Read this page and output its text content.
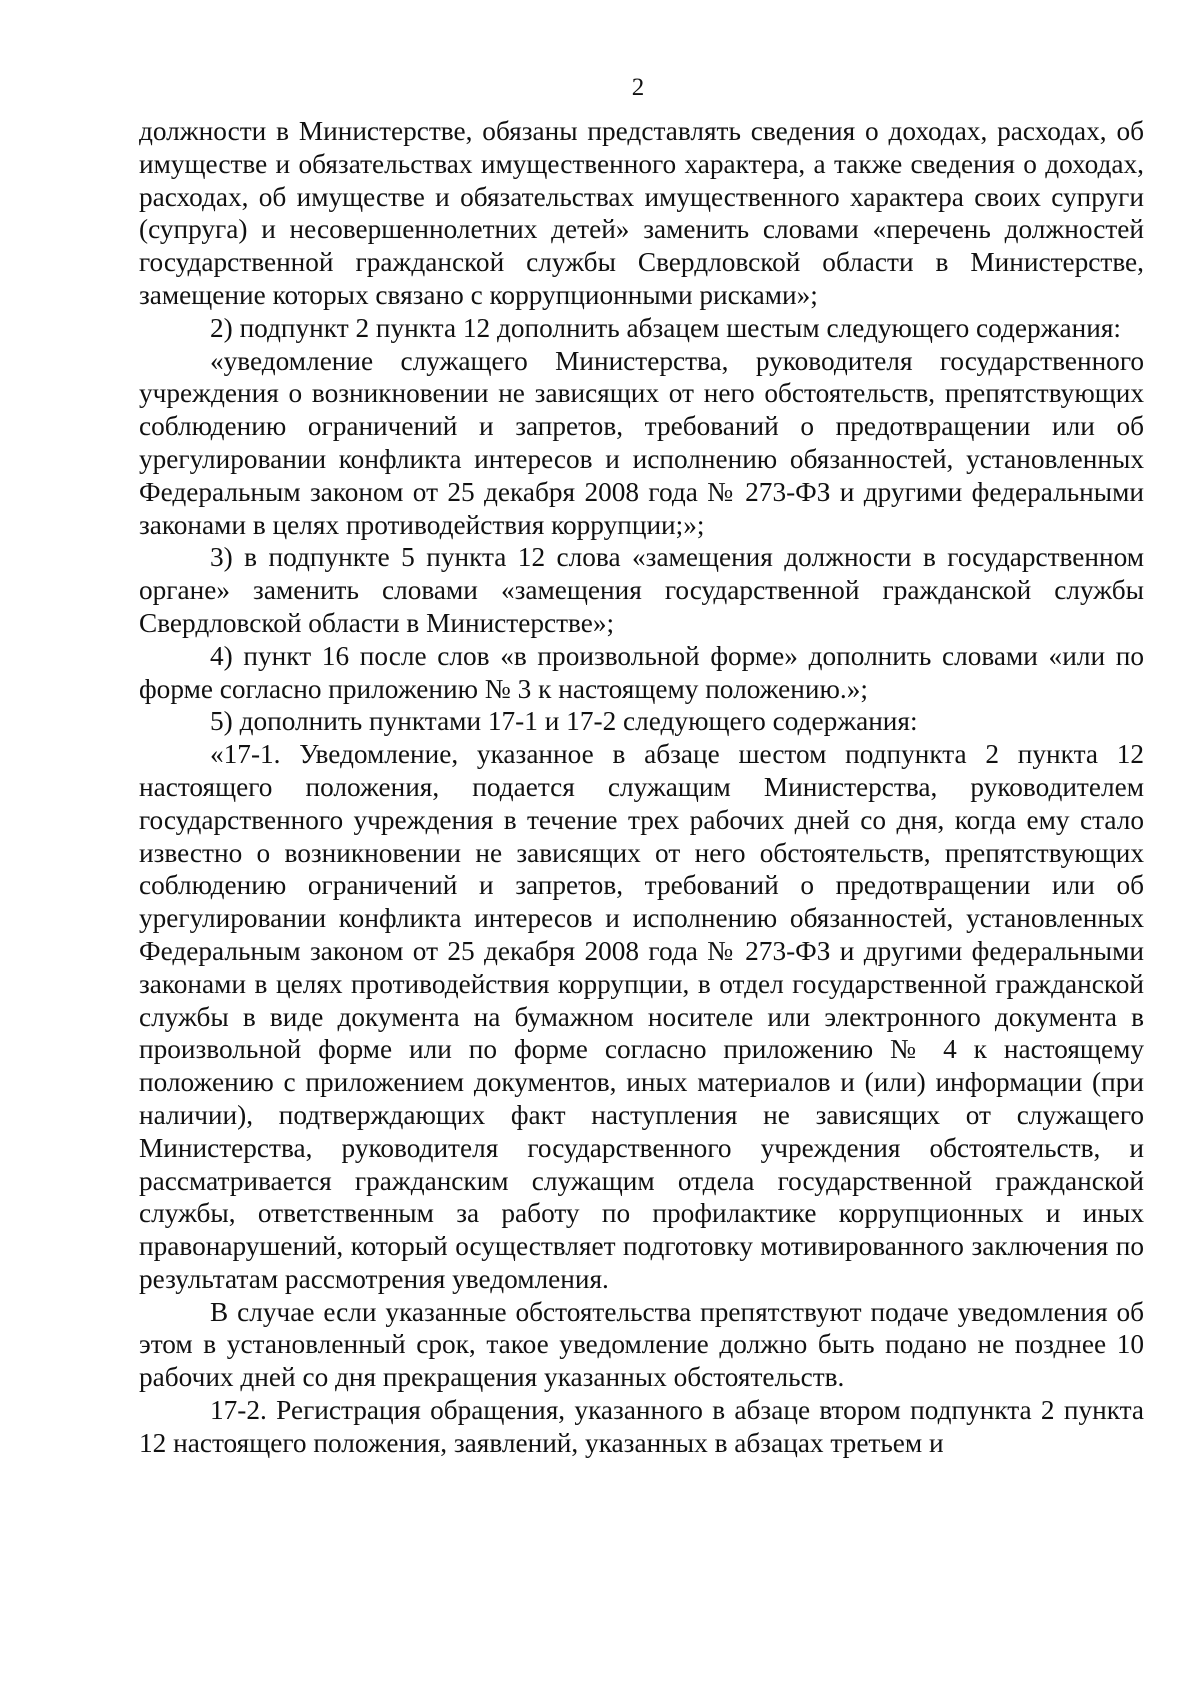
2

должности в Министерстве, обязаны представлять сведения о доходах, расходах, об имуществе и обязательствах имущественного характера, а также сведения о доходах, расходах, об имуществе и обязательствах имущественного характера своих супруги (супруга) и несовершеннолетних детей» заменить словами «перечень должностей государственной гражданской службы Свердловской области в Министерстве, замещение которых связано с коррупционными рисками»;

2) подпункт 2 пункта 12 дополнить абзацем шестым следующего содержания:

«уведомление служащего Министерства, руководителя государственного учреждения о возникновении не зависящих от него обстоятельств, препятствующих соблюдению ограничений и запретов, требований о предотвращении или об урегулировании конфликта интересов и исполнению обязанностей, установленных Федеральным законом от 25 декабря 2008 года № 273-ФЗ и другими федеральными законами в целях противодействия коррупции;»;

3) в подпункте 5 пункта 12 слова «замещения должности в государственном органе» заменить словами «замещения государственной гражданской службы Свердловской области в Министерстве»;

4) пункт 16 после слов «в произвольной форме» дополнить словами «или по форме согласно приложению № 3 к настоящему положению.»;

5) дополнить пунктами 17-1 и 17-2 следующего содержания:

«17-1. Уведомление, указанное в абзаце шестом подпункта 2 пункта 12 настоящего положения, подается служащим Министерства, руководителем государственного учреждения в течение трех рабочих дней со дня, когда ему стало известно о возникновении не зависящих от него обстоятельств, препятствующих соблюдению ограничений и запретов, требований о предотвращении или об урегулировании конфликта интересов и исполнению обязанностей, установленных Федеральным законом от 25 декабря 2008 года № 273-ФЗ и другими федеральными законами в целях противодействия коррупции, в отдел государственной гражданской службы в виде документа на бумажном носителе или электронного документа в произвольной форме или по форме согласно приложению № 4 к настоящему положению с приложением документов, иных материалов и (или) информации (при наличии), подтверждающих факт наступления не зависящих от служащего Министерства, руководителя государственного учреждения обстоятельств, и рассматривается гражданским служащим отдела государственной гражданской службы, ответственным за работу по профилактике коррупционных и иных правонарушений, который осуществляет подготовку мотивированного заключения по результатам рассмотрения уведомления.

В случае если указанные обстоятельства препятствуют подаче уведомления об этом в установленный срок, такое уведомление должно быть подано не позднее 10 рабочих дней со дня прекращения указанных обстоятельств.

17-2. Регистрация обращения, указанного в абзаце втором подпункта 2 пункта 12 настоящего положения, заявлений, указанных в абзацах третьем и
